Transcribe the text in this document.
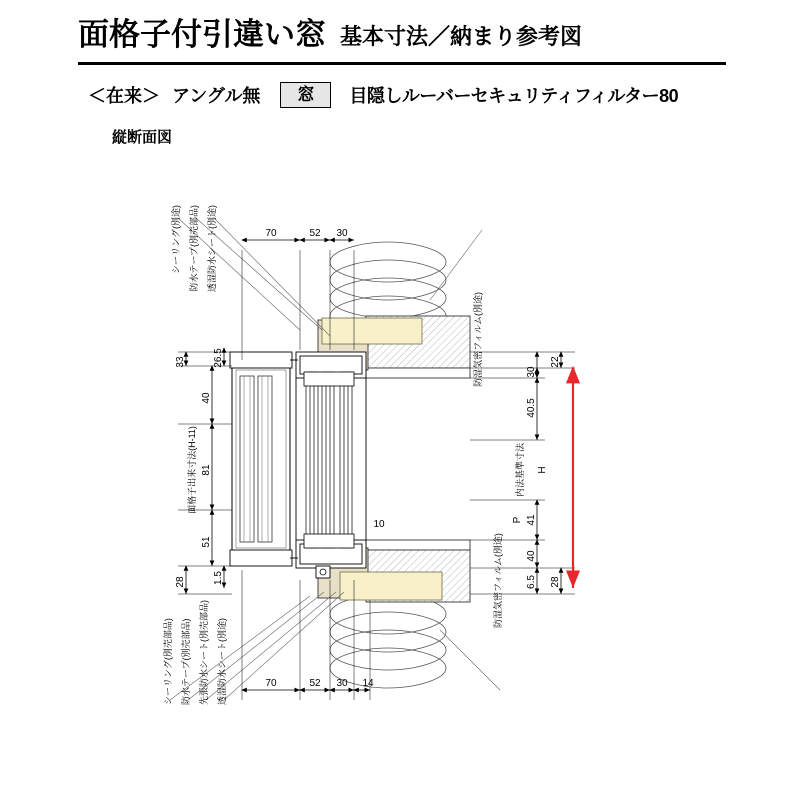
面格子付引違い窓 基本寸法／納まり参考図
＜在来＞ アングル無	窓	目隠しルーバーセキュリティフィルター80
縦断面図
70	52 30
70	52 30 14
33
40
81
51
28
面格子出来寸法(H-11)
26.5
1.5
40.5
41
40
6.5
30
10
22
28
内法基準寸法 H
P
シーリング(別途) 防水テープ(別売部品) 透湿防水シート(別途)
防湿気密フィルム(別途)
シーリング(別売部品) 防水テープ(別売部品) 先張防水シート(別売部品) 透湿防水シート(別途)
防湿気密フィルム(別途)
